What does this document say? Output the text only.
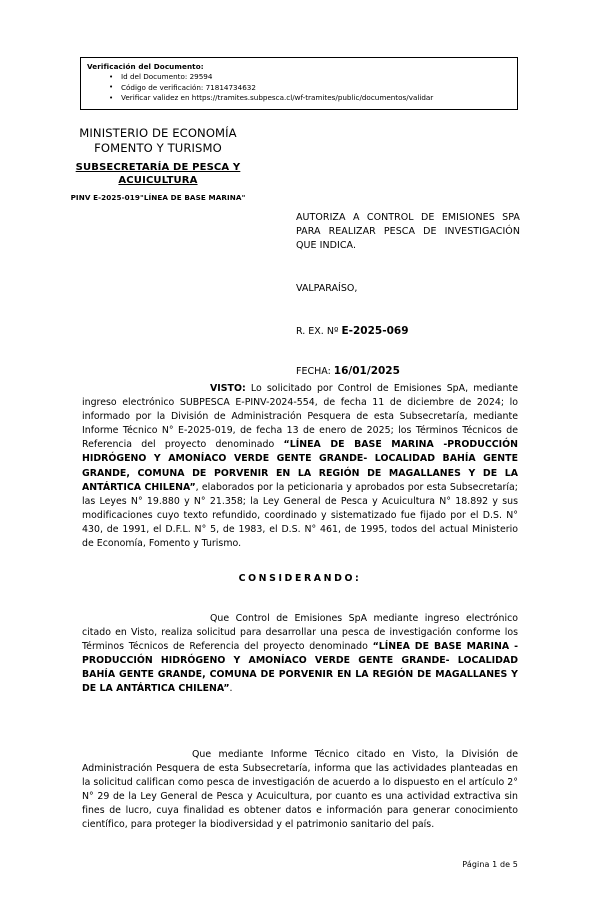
Verificación del Documento:
• Id del Documento: 29594
• Código de verificación: 71814734632
• Verificar validez en https://tramites.subpesca.cl/wf-tramites/public/documentos/validar
MINISTERIO DE ECONOMÍA
FOMENTO Y TURISMO
SUBSECRETARÍA DE PESCA Y
ACUICULTURA
PINV E-2025-019"LÍNEA DE BASE MARINA"
AUTORIZA A CONTROL DE EMISIONES SPA PARA REALIZAR PESCA DE INVESTIGACIÓN QUE INDICA.
VALPARAÍSO,
R. EX. Nº E-2025-069
FECHA: 16/01/2025
VISTO: Lo solicitado por Control de Emisiones SpA, mediante ingreso electrónico SUBPESCA E-PINV-2024-554, de fecha 11 de diciembre de 2024; lo informado por la División de Administración Pesquera de esta Subsecretaría, mediante Informe Técnico N° E-2025-019, de fecha 13 de enero de 2025; los Términos Técnicos de Referencia del proyecto denominado “LÍNEA DE BASE MARINA -PRODUCCIÓN HIDRÓGENO Y AMONÍACO VERDE GENTE GRANDE- LOCALIDAD BAHÍA GENTE GRANDE, COMUNA DE PORVENIR EN LA REGIÓN DE MAGALLANES Y DE LA ANTÁRTICA CHILENA”, elaborados por la peticionaria y aprobados por esta Subsecretaría; las Leyes N° 19.880 y N° 21.358; la Ley General de Pesca y Acuicultura N° 18.892 y sus modificaciones cuyo texto refundido, coordinado y sistematizado fue fijado por el D.S. N° 430, de 1991, el D.F.L. N° 5, de 1983, el D.S. N° 461, de 1995, todos del actual Ministerio de Economía, Fomento y Turismo.
CONSIDERANDO:
Que Control de Emisiones SpA mediante ingreso electrónico citado en Visto, realiza solicitud para desarrollar una pesca de investigación conforme los Términos Técnicos de Referencia del proyecto denominado “LÍNEA DE BASE MARINA -PRODUCCIÓN HIDRÓGENO Y AMONÍACO VERDE GENTE GRANDE- LOCALIDAD BAHÍA GENTE GRANDE, COMUNA DE PORVENIR EN LA REGIÓN DE MAGALLANES Y DE LA ANTÁRTICA CHILENA”.
Que mediante Informe Técnico citado en Visto, la División de Administración Pesquera de esta Subsecretaría, informa que las actividades planteadas en la solicitud califican como pesca de investigación de acuerdo a lo dispuesto en el artículo 2° N° 29 de la Ley General de Pesca y Acuicultura, por cuanto es una actividad extractiva sin fines de lucro, cuya finalidad es obtener datos e información para generar conocimiento científico, para proteger la biodiversidad y el patrimonio sanitario del país.
Página 1 de 5
